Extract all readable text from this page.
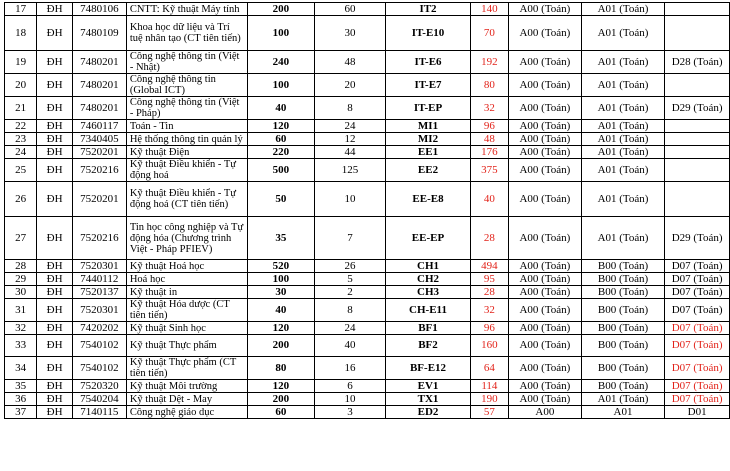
17	ĐH	7480106	CNTT: Kỹ thuật Máy tính	200	60	IT2	140	A00 (Toán)	A01 (Toán)	
18	ĐH	7480109	Khoa học dữ liệu và Trí tuệ nhân tạo (CT tiên tiến)	100	30	IT-E10	70	A00 (Toán)	A01 (Toán)	
19	ĐH	7480201	Công nghệ thông tin (Việt - Nhật)	240	48	IT-E6	192	A00 (Toán)	A01 (Toán)	D28 (Toán)
20	ĐH	7480201	Công nghệ thông tin (Global ICT)	100	20	IT-E7	80	A00 (Toán)	A01 (Toán)	
21	ĐH	7480201	Công nghệ thông tin (Việt - Pháp)	40	8	IT-EP	32	A00 (Toán)	A01 (Toán)	D29 (Toán)
22	ĐH	7460117	Toán - Tin	120	24	MI1	96	A00 (Toán)	A01 (Toán)	
23	ĐH	7340405	Hệ thống thông tin quản lý	60	12	MI2	48	A00 (Toán)	A01 (Toán)	
24	ĐH	7520201	Kỹ thuật Điện	220	44	EE1	176	A00 (Toán)	A01 (Toán)	
25	ĐH	7520216	Kỹ thuật Điều khiển - Tự động hoá	500	125	EE2	375	A00 (Toán)	A01 (Toán)	
26	ĐH	7520201	Kỹ thuật Điều khiển - Tự động hoá (CT tiên tiến)	50	10	EE-E8	40	A00 (Toán)	A01 (Toán)	
27	ĐH	7520216	Tin học công nghiệp và Tự động hóa (Chương trình Việt - Pháp PFIEV)	35	7	EE-EP	28	A00 (Toán)	A01 (Toán)	D29 (Toán)
28	ĐH	7520301	Kỹ thuật Hoá học	520	26	CH1	494	A00 (Toán)	B00 (Toán)	D07 (Toán)
29	ĐH	7440112	Hoá học	100	5	CH2	95	A00 (Toán)	B00 (Toán)	D07 (Toán)
30	ĐH	7520137	Kỹ thuật in	30	2	CH3	28	A00 (Toán)	B00 (Toán)	D07 (Toán)
31	ĐH	7520301	Kỹ thuật Hóa dược (CT tiên tiến)	40	8	CH-E11	32	A00 (Toán)	B00 (Toán)	D07 (Toán)
32	ĐH	7420202	Kỹ thuật Sinh học	120	24	BF1	96	A00 (Toán)	B00 (Toán)	D07 (Toán)
33	ĐH	7540102	Kỹ thuật Thực phẩm	200	40	BF2	160	A00 (Toán)	B00 (Toán)	D07 (Toán)
34	ĐH	7540102	Kỹ thuật Thực phẩm (CT tiên tiến)	80	16	BF-E12	64	A00 (Toán)	B00 (Toán)	D07 (Toán)
35	ĐH	7520320	Kỹ thuật Môi trường	120	6	EV1	114	A00 (Toán)	B00 (Toán)	D07 (Toán)
36	ĐH	7540204	Kỹ thuật Dệt - May	200	10	TX1	190	A00 (Toán)	A01 (Toán)	D07 (Toán)
37	ĐH	7140115	Công nghệ giáo dục	60	3	ED2	57	A00	A01	D01
